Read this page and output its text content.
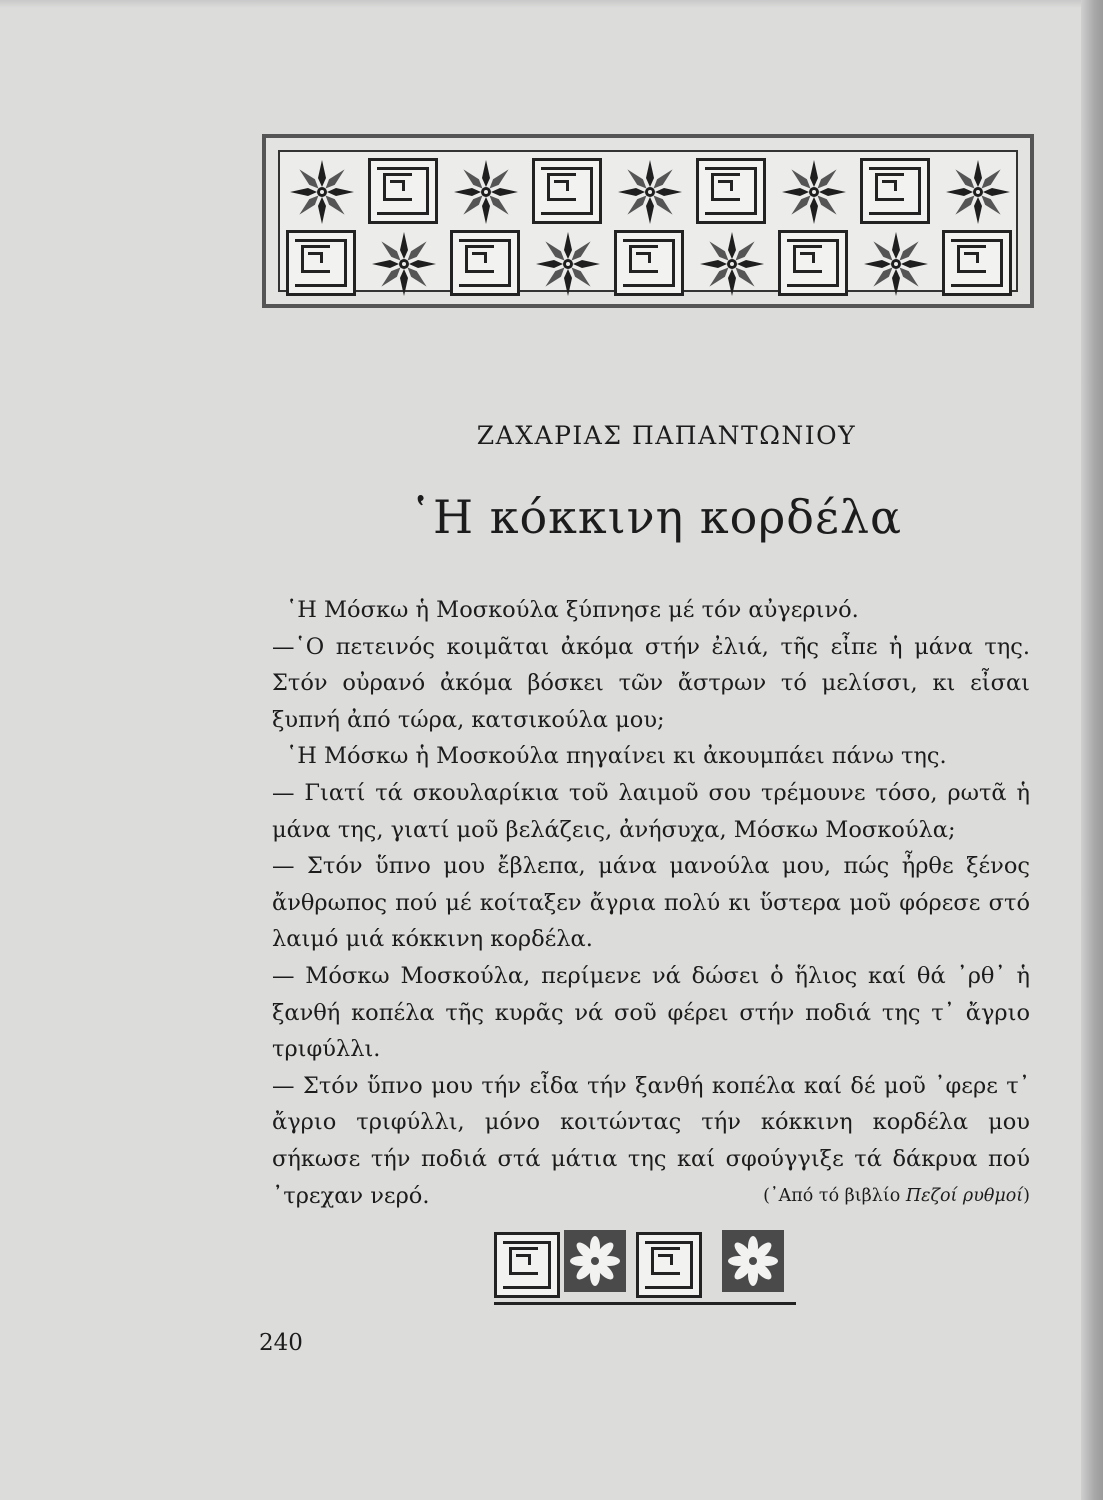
ΖΑΧΑΡΙΑΣ ΠΑΠΑΝΤΩΝΙΟΥ
῾Η κόκκινη κορδέλα

῾Η Μόσκω ἡ Μοσκούλα ξύπνησε μέ τόν αὐγερινό.

—῾Ο πετεινός κοιμᾶται ἀκόμα στήν ἐλιά, τῆς εἶπε ἡ μάνα της. Στόν οὐρανό ἀκόμα βόσκει τῶν ἄστρων τό μελίσσι, κι εἶσαι ξυπνή ἀπό τώρα, κατσικούλα μου;

῾Η Μόσκω ἡ Μοσκούλα πηγαίνει κι ἀκουμπάει πάνω της.

— Γιατί τά σκουλαρίκια τοῦ λαιμοῦ σου τρέμουνε τόσο, ρωτᾶ ἡ μάνα της, γιατί μοῦ βελάζεις, ἀνήσυχα, Μόσκω Μοσκούλα;

— Στόν ὕπνο μου ἔβλεπα, μάνα μανούλα μου, πώς ἦρθε ξένος ἄνθρωπος πού μέ κοίταξεν ἄγρια πολύ κι ὕστερα μοῦ φόρεσε στό λαιμό μιά κόκκινη κορδέλα.

— Μόσκω Μοσκούλα, περίμενε νά δώσει ὁ ἥλιος καί θά ᾿ρθ᾿ ἡ ξανθή κοπέλα τῆς κυρᾶς νά σοῦ φέρει στήν ποδιά της τ᾿ ἄγριο τριφύλλι.

— Στόν ὕπνο μου τήν εἶδα τήν ξανθή κοπέλα καί δέ μοῦ ᾿φερε τ᾿ ἄγριο τριφύλλι, μόνο κοιτώντας τήν κόκκινη κορδέλα μου σήκωσε τήν ποδιά στά μάτια της καί σφούγγιξε τά δάκρυα πού ᾿τρεχαν νερό.	(᾿Από τό βιβλίο Πεζοί ρυθμοί)
240
